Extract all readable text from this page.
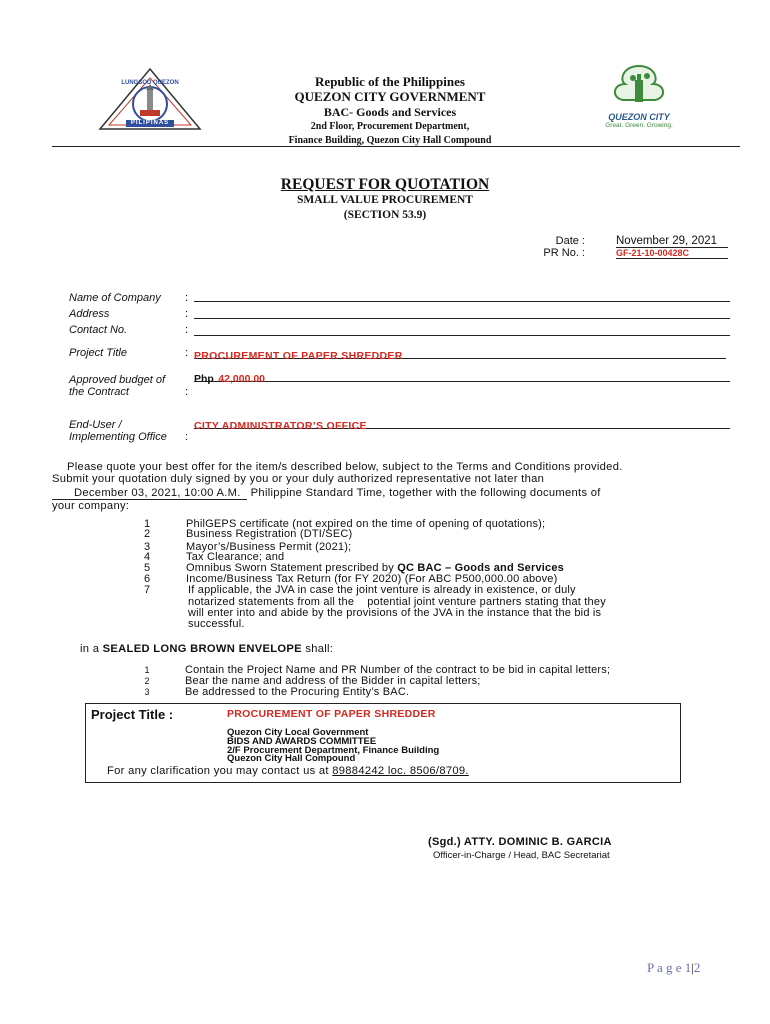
LUNGSOD QUEZON
PILIPINAS
QUEZON CITY
Great. Green. Growing.
Republic of the Philippines
QUEZON CITY GOVERNMENT
BAC- Goods and Services
2nd Floor, Procurement Department,
Finance Building, Quezon City Hall Compound
REQUEST FOR QUOTATION
SMALL VALUE PROCUREMENT
(SECTION 53.9)
Date :	November 29, 2021
PR No. :	GF-21-10-00428C
Name of Company :
Address	:
Contact No.	:
Project Title	: PROCUREMENT OF PAPER SHREDDER
Approved budget of
the Contract	:
Php 42,000.00
End-User /
Implementing Office :
CITY ADMINISTRATOR’S OFFICE
Please quote your best offer for the item/s described below, subject to the Terms and Conditions provided.
Submit your quotation duly signed by you or your duly authorized representative not later than
December 03, 2021, 10:00 A.M. Philippine Standard Time, together with the following documents of
your company:
1	PhilGEPS certificate (not expired on the time of opening of quotations);
2	Business Registration (DTI/SEC)
3	Mayor’s/Business Permit (2021);
4	Tax Clearance; and
5	Omnibus Sworn Statement prescribed by QC BAC – Goods and Services
6	Income/Business Tax Return (for FY 2020) (For ABC P500,000.00 above)
7	If applicable, the JVA in case the joint venture is already in existence, or duly
notarized statements from all the    potential joint venture partners stating that they
will enter into and abide by the provisions of the JVA in the instance that the bid is
successful.
in a SEALED LONG BROWN ENVELOPE shall:
1	Contain the Project Name and PR Number of the contract to be bid in capital letters;
2	Bear the name and address of the Bidder in capital letters;
3	Be addressed to the Procuring Entity’s BAC.
Project Title :	PROCUREMENT OF PAPER SHREDDER
Quezon City Local Government
BIDS AND AWARDS COMMITTEE
2/F Procurement Department, Finance Building
Quezon City Hall Compound
For any clarification you may contact us at 89884242 loc. 8506/8709.
(Sgd.) ATTY. DOMINIC B. GARCIA
Officer-in-Charge / Head, BAC Secretariat
P a g e 1|2
